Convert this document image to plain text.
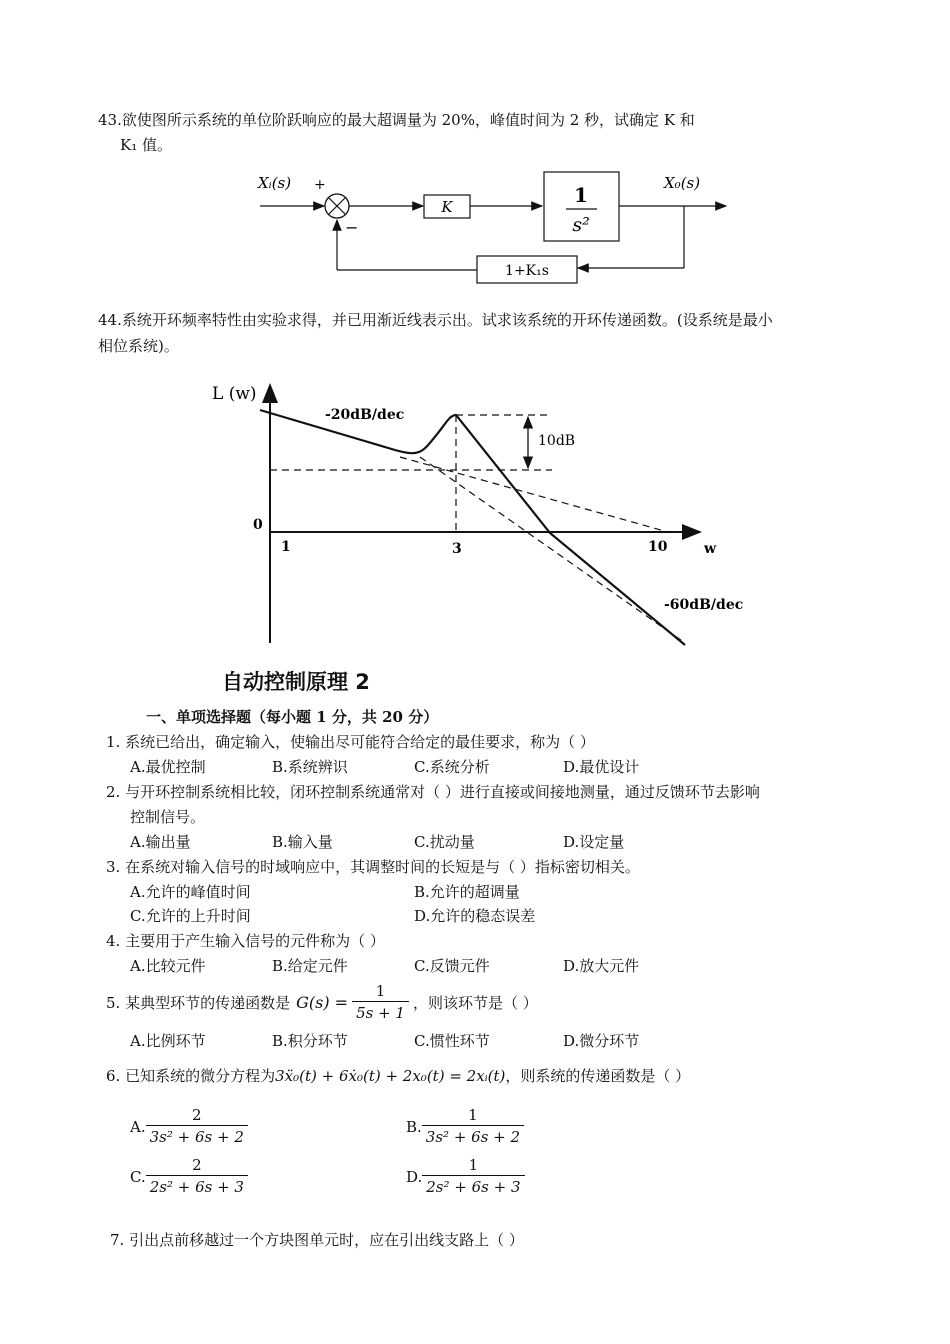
43.欲使图所示系统的单位阶跃响应的最大超调量为 20%，峰值时间为 2 秒，试确定 K 和
K₁ 值。
Xᵢ(s) +
−
K	1
s²
X₀(s)
1+K₁s
44.系统开环频率特性由实验求得，并已用渐近线表示出。试求该系统的开环传递函数。(设系统是最小
相位系统)。
L (w)
0
w
1	3	10
10dB
-20dB/dec
-60dB/dec
自动控制原理 2
一、单项选择题（每小题 1 分，共 20 分）
1. 系统已给出，确定输入，使输出尽可能符合给定的最佳要求，称为（ ）
A.最优控制	B.系统辨识	C.系统分析	D.最优设计
2. 与开环控制系统相比较，闭环控制系统通常对（ ）进行直接或间接地测量，通过反馈环节去影响
控制信号。
A.输出量	B.输入量	C.扰动量	D.设定量
3. 在系统对输入信号的时域响应中，其调整时间的长短是与（ ）指标密切相关。
A.允许的峰值时间	B.允许的超调量
C.允许的上升时间	D.允许的稳态误差
4. 主要用于产生输入信号的元件称为（ ）
A.比较元件	B.给定元件	C.反馈元件	D.放大元件
5. 某典型环节的传递函数是 $G(s) = \frac{1}{5s + 1}$ ，则该环节是（ ）
A.比例环节	B.积分环节	C.惯性环节	D.微分环节
6. 已知系统的微分方程为3ẍ₀(t) + 6ẋ₀(t) + 2x₀(t) = 2xᵢ(t)，则系统的传递函数是（ ）
A. $\frac{2}{\text{3s² + 6s + 2}}$	B. $\frac{1}{\text{3s² + 6s + 2}}$
C. $\frac{2}{\text{2s² + 6s + 3}}$	D. $\frac{1}{\text{2s² + 6s + 3}}$
7. 引出点前移越过一个方块图单元时，应在引出线支路上（ ）
